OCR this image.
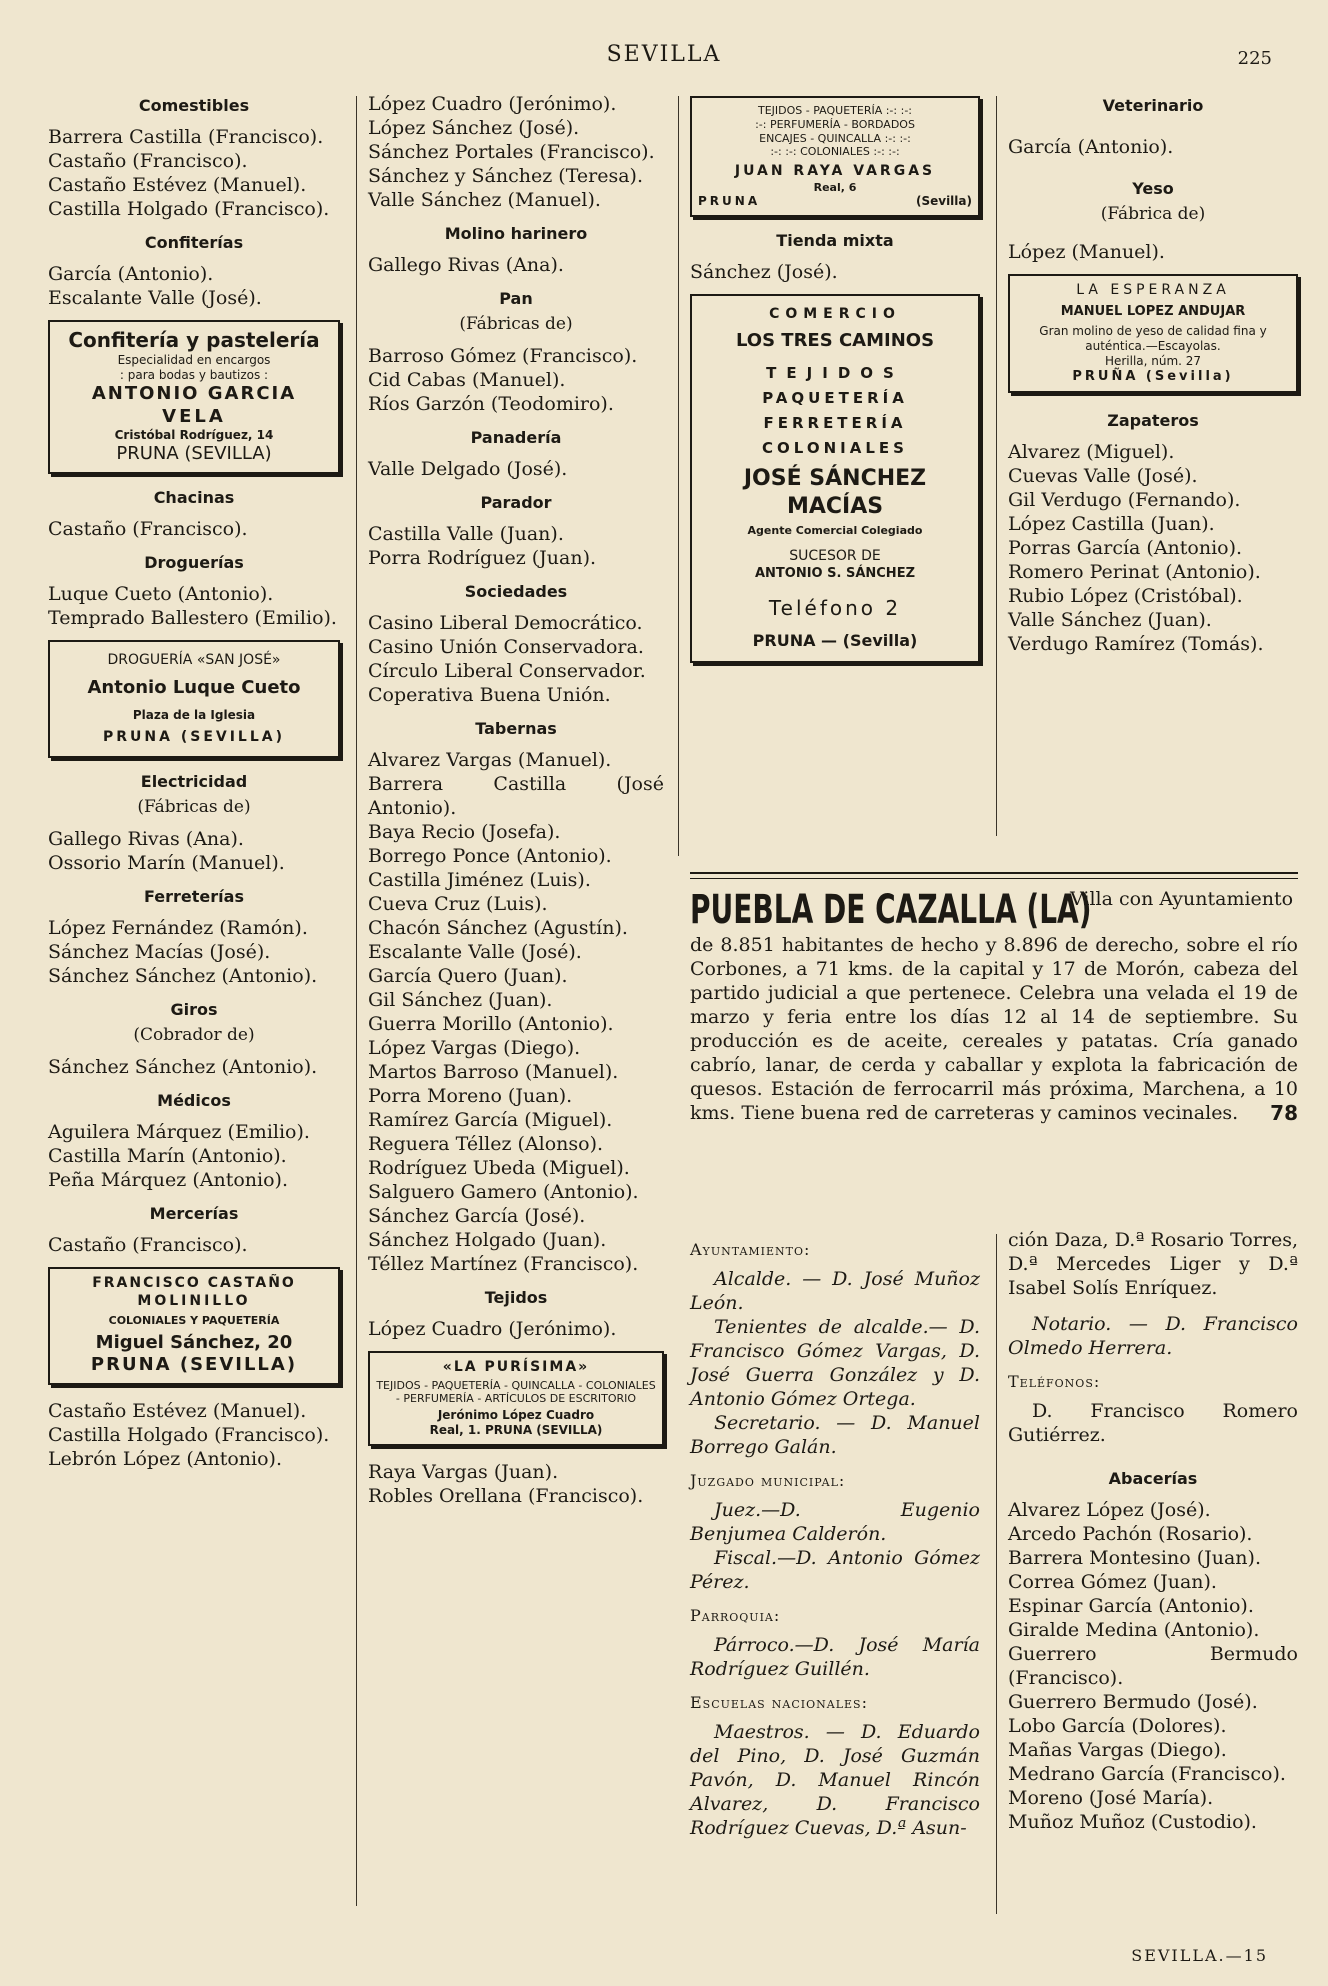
SEVILLA	225
Comestibles

Barrera Castilla (Francisco).

Castaño (Francisco).

Castaño Estévez (Manuel).

Castilla Holgado (Francisco).

Confiterías

García (Antonio).

Escalante Valle (José).

Confitería y pastelería
Especialidad en encargos
: para bodas y bautizos :
ANTONIO GARCIA
VELA
Cristóbal Rodríguez, 14
PRUNA (SEVILLA)
Chacinas

Castaño (Francisco).

Droguerías

Luque Cueto (Antonio).

Temprado Ballestero (Emilio).

DROGUERÍA «SAN JOSÉ»
Antonio Luque Cueto
Plaza de la Iglesia
PRUNA (SEVILLA)
Electricidad
(Fábricas de)

Gallego Rivas (Ana).

Ossorio Marín (Manuel).

Ferreterías

López Fernández (Ramón).

Sánchez Macías (José).

Sánchez Sánchez (Antonio).

Giros
(Cobrador de)

Sánchez Sánchez (Antonio).

Médicos

Aguilera Márquez (Emilio).

Castilla Marín (Antonio).

Peña Márquez (Antonio).

Mercerías

Castaño (Francisco).

FRANCISCO CASTAÑO
MOLINILLO
COLONIALES Y PAQUETERÍA
Miguel Sánchez, 20
PRUNA (SEVILLA)

Castaño Estévez (Manuel).

Castilla Holgado (Francisco).

Lebrón López (Antonio).

López Cuadro (Jerónimo).

López Sánchez (José).

Sánchez Portales (Francisco).

Sánchez y Sánchez (Teresa).

Valle Sánchez (Manuel).

Molino harinero

Gallego Rivas (Ana).

Pan
(Fábricas de)

Barroso Gómez (Francisco).

Cid Cabas (Manuel).

Ríos Garzón (Teodomiro).

Panadería

Valle Delgado (José).

Parador

Castilla Valle (Juan).

Porra Rodríguez (Juan).

Sociedades

Casino Liberal Democrático.

Casino Unión Conservadora.

Círculo Liberal Conservador.

Coperativa Buena Unión.

Tabernas

Alvarez Vargas (Manuel).

Barrera Castilla (José Antonio).

Baya Recio (Josefa).

Borrego Ponce (Antonio).

Castilla Jiménez (Luis).

Cueva Cruz (Luis).

Chacón Sánchez (Agustín).

Escalante Valle (José).

García Quero (Juan).

Gil Sánchez (Juan).

Guerra Morillo (Antonio).

López Vargas (Diego).

Martos Barroso (Manuel).

Porra Moreno (Juan).

Ramírez García (Miguel).

Reguera Téllez (Alonso).

Rodríguez Ubeda (Miguel).

Salguero Gamero (Antonio).

Sánchez García (José).

Sánchez Holgado (Juan).

Téllez Martínez (Francisco).

Tejidos

López Cuadro (Jerónimo).

«LA PURÍSIMA»
TEJIDOS - PAQUETERÍA - QUINCALLA - COLONIALES - PERFUMERÍA - ARTÍCULOS DE ESCRITORIO
Jerónimo López Cuadro
Real, 1. PRUNA (SEVILLA)

Raya Vargas (Juan).

Robles Orellana (Francisco).

TEJIDOS - PAQUETERÍA :-: :-:
:-: PERFUMERÍA - BORDADOS
ENCAJES - QUINCALLA :-: :-:
:-: :-: COLONIALES :-: :-:
JUAN RAYA VARGAS
Real, 6
PRUNA	(Sevilla)
Tienda mixta

Sánchez (José).

COMERCIO
LOS TRES CAMINOS
TEJIDOS
PAQUETERÍA
FERRETERÍA
COLONIALES
JOSÉ SÁNCHEZ MACÍAS
Agente Comercial Colegiado
SUCESOR DE
ANTONIO S. SÁNCHEZ
Teléfono 2
PRUNA — (Sevilla)
Veterinario

García (Antonio).

Yeso
(Fábrica de)

López (Manuel).

LA ESPERANZA
MANUEL LOPEZ ANDUJAR
Gran molino de yeso de calidad fina y auténtica.—Escayolas.
Herilla, núm. 27
PRUÑA (Sevilla)
Zapateros

Alvarez (Miguel).

Cuevas Valle (José).

Gil Verdugo (Fernando).

López Castilla (Juan).

Porras García (Antonio).

Romero Perinat (Antonio).

Rubio López (Cristóbal).

Valle Sánchez (Juan).

Verdugo Ramírez (Tomás).

PUEBLA DE CAZALLA (LA)
Villa con Ayuntamiento

de 8.851 habitantes de hecho y 8.896 de derecho, sobre el río Corbones, a 71 kms. de la capital y 17 de Morón, cabeza del partido judicial a que pertenece. Celebra una velada el 19 de marzo y feria entre los días 12 al 14 de septiembre. Su producción es de aceite, cereales y patatas. Cría ganado cabrío, lanar, de cerda y caballar y explota la fabricación de quesos. Estación de ferrocarril más próxima, Marchena, a 10 kms. Tiene buena red de carreteras y caminos vecinales. 78

Ayuntamiento:

Alcalde. — D. José Muñoz León.

Tenientes de alcalde.— D. Francisco Gómez Vargas, D. José Guerra González y D. Antonio Gómez Ortega.

Secretario. — D. Manuel Borrego Galán.

Juzgado municipal:

Juez.—D. Eugenio Benjumea Calderón.

Fiscal.—D. Antonio Gómez Pérez.

Parroquia:

Párroco.—D. José María Rodríguez Guillén.

Escuelas nacionales:

Maestros. — D. Eduardo del Pino, D. José Guzmán Pavón, D. Manuel Rincón Alvarez, D. Francisco Rodríguez Cuevas, D.ª Asun-

ción Daza, D.ª Rosario Torres, D.ª Mercedes Liger y D.ª Isabel Solís Enríquez.

Notario. — D. Francisco Olmedo Herrera.

Teléfonos:

D. Francisco Romero Gutiérrez.

Abacerías

Alvarez López (José).

Arcedo Pachón (Rosario).

Barrera Montesino (Juan).

Correa Gómez (Juan).

Espinar García (Antonio).

Giralde Medina (Antonio).

Guerrero Bermudo (Francisco).

Guerrero Bermudo (José).

Lobo García (Dolores).

Mañas Vargas (Diego).

Medrano García (Francisco).

Moreno (José María).

Muñoz Muñoz (Custodio).

SEVILLA.—15
